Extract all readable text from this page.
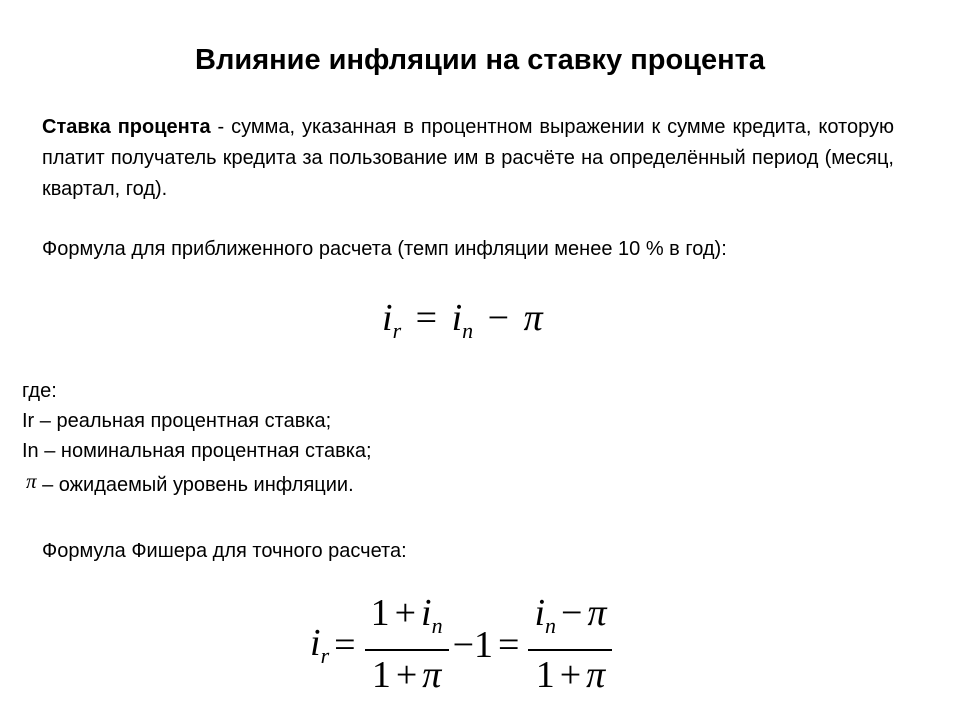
Влияние инфляции на ставку процента
Ставка процента - сумма, указанная в процентном выражении к сумме кредита, которую платит получатель кредита за пользование им в расчёте на определённый период (месяц, квартал, год).
Формула для приближенного расчета (темп инфляции менее 10 % в год):
$i_r = i_n - \pi$
где:
Ir – реальная процентная ставка;
In – номинальная процентная ставка;
π – ожидаемый уровень инфляции.
Формула Фишера для точного расчета:
$i_r = \frac{1 + i_n}{1 + \pi} -1 = \frac{i_n - \pi}{1 + \pi}$
